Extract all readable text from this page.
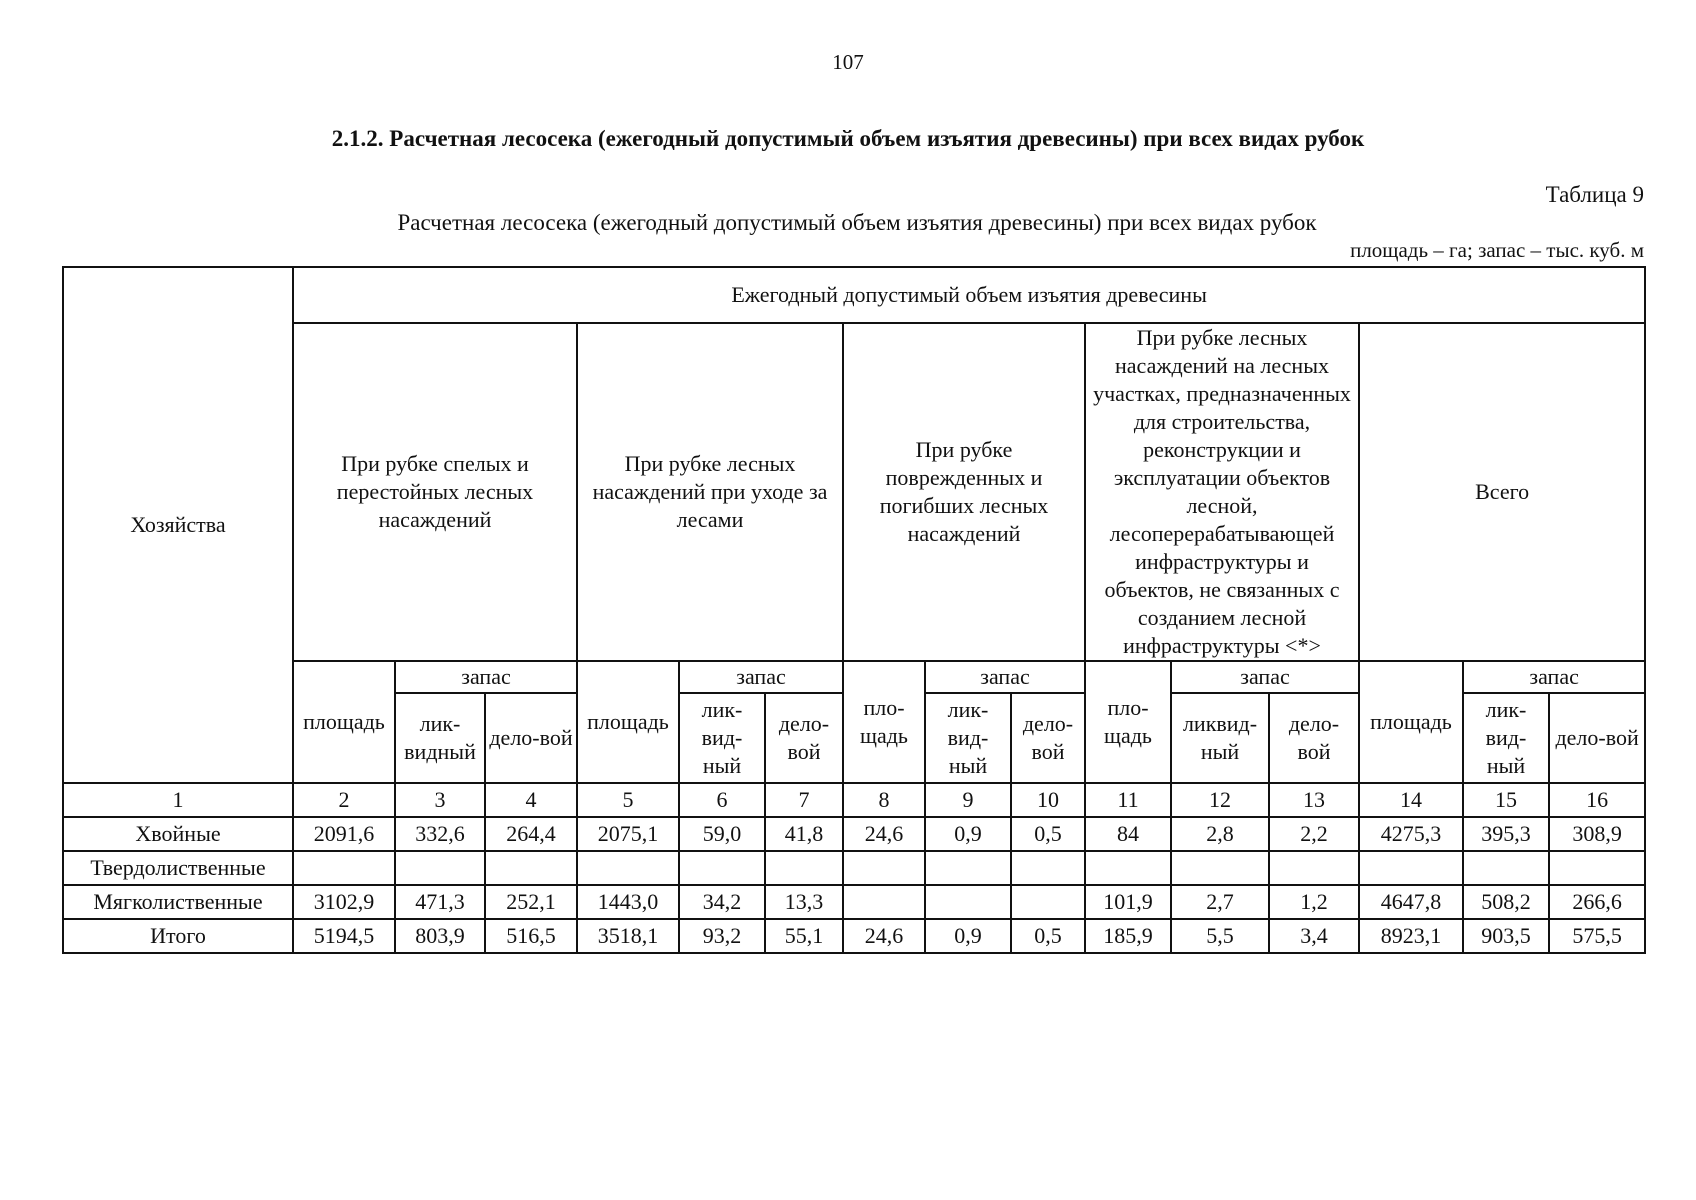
107
2.1.2. Расчетная лесосека (ежегодный допустимый объем изъятия древесины) при всех видах рубок
Таблица 9
Расчетная лесосека (ежегодный допустимый объем изъятия древесины) при всех видах рубок
площадь – га; запас – тыс. куб. м
Хозяйства	Ежегодный допустимый объем изъятия древесины														

	При рубке спелых и перестойных лесных насаждений			При рубке лесных насаждений при уходе за лесами			При рубке поврежденных и погибших лесных насаждений			При рубке лесных насаждений на лесных участках, предназначенных для строительства, реконструкции и эксплуатации объектов лесной, лесоперерабатывающей инфраструктуры и объектов, не связанных с созданием лесной инфраструктуры <*>			Всего		

	площадь	запас		площадь	запас		пло-щадь	запас		пло-щадь	запас		площадь	запас	
		лик-видный	дело-вой		лик-вид-ный	дело-вой		лик-вид-ный	дело-вой		ликвид-ный	дело-вой		лик-вид-ный	дело-вой
1	2	3	4	5	6	7	8	9	10	11	12	13	14	15	16
Хвойные	2091,6	332,6	264,4	2075,1	59,0	41,8	24,6	0,9	0,5	84	2,8	2,2	4275,3	395,3	308,9
Твердолиственные															
Мягколиственные	3102,9	471,3	252,1	1443,0	34,2	13,3				101,9	2,7	1,2	4647,8	508,2	266,6
Итого	5194,5	803,9	516,5	3518,1	93,2	55,1	24,6	0,9	0,5	185,9	5,5	3,4	8923,1	903,5	575,5
